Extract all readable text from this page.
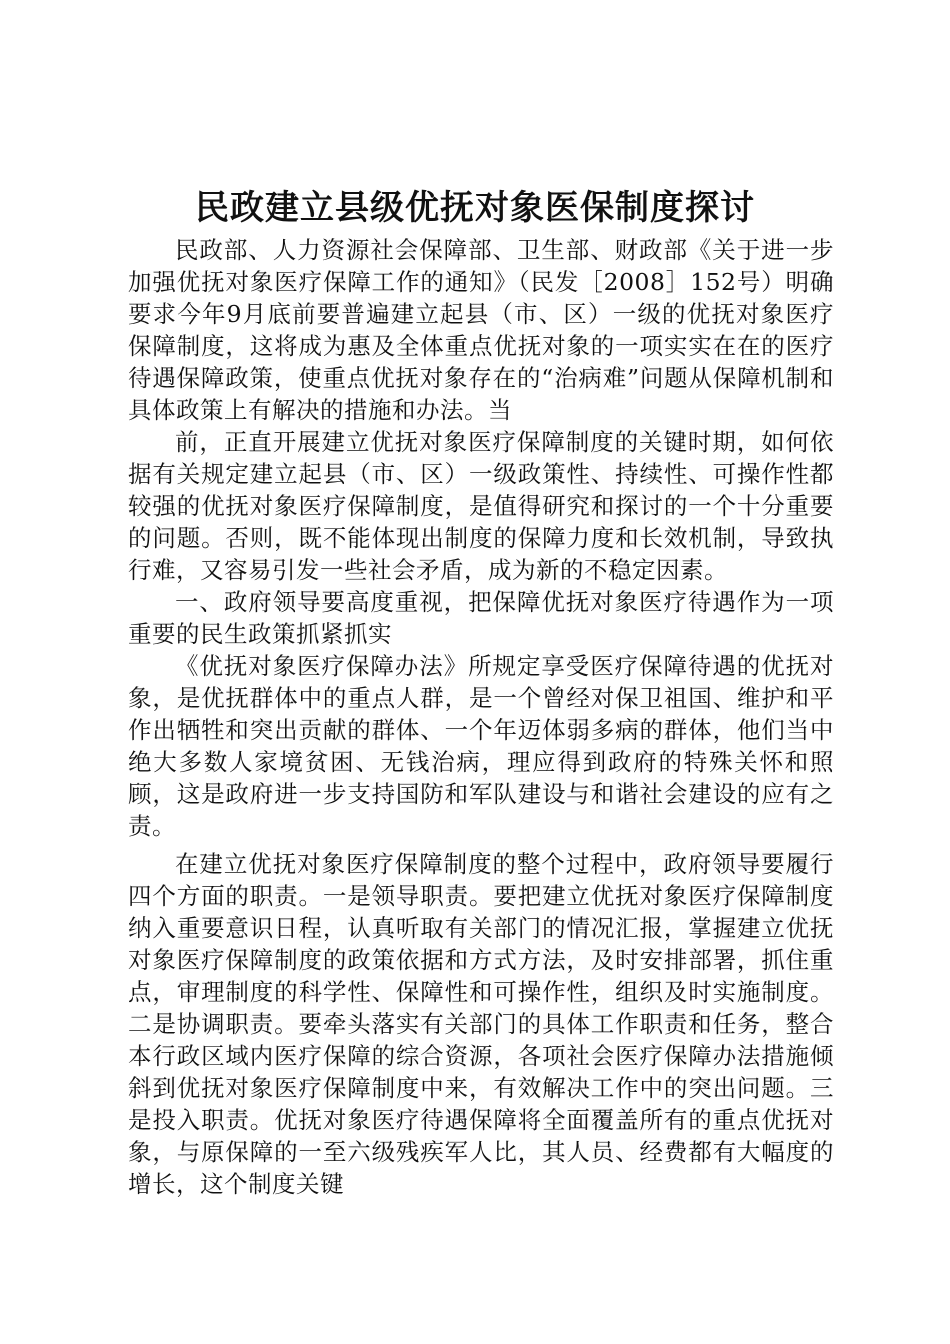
民政建立县级优抚对象医保制度探讨

民政部、人力资源社会保障部、卫生部、财政部《关于进一步加强优抚对象医疗保障工作的通知》（民发［2008］152号）明确要求今年9月底前要普遍建立起县（市、区）一级的优抚对象医疗保障制度，这将成为惠及全体重点优抚对象的一项实实在在的医疗待遇保障政策，使重点优抚对象存在的“治病难”问题从保障机制和具体政策上有解决的措施和办法。当

前，正直开展建立优抚对象医疗保障制度的关键时期，如何依据有关规定建立起县（市、区）一级政策性、持续性、可操作性都较强的优抚对象医疗保障制度，是值得研究和探讨的一个十分重要的问题。否则，既不能体现出制度的保障力度和长效机制，导致执行难，又容易引发一些社会矛盾，成为新的不稳定因素。

一、政府领导要高度重视，把保障优抚对象医疗待遇作为一项重要的民生政策抓紧抓实

《优抚对象医疗保障办法》所规定享受医疗保障待遇的优抚对象，是优抚群体中的重点人群，是一个曾经对保卫祖国、维护和平作出牺牲和突出贡献的群体、一个年迈体弱多病的群体，他们当中绝大多数人家境贫困、无钱治病，理应得到政府的特殊关怀和照顾，这是政府进一步支持国防和军队建设与和谐社会建设的应有之责。

在建立优抚对象医疗保障制度的整个过程中，政府领导要履行四个方面的职责。一是领导职责。要把建立优抚对象医疗保障制度纳入重要意识日程，认真听取有关部门的情况汇报，掌握建立优抚对象医疗保障制度的政策依据和方式方法，及时安排部署，抓住重点，审理制度的科学性、保障性和可操作性，组织及时实施制度。二是协调职责。要牵头落实有关部门的具体工作职责和任务，整合本行政区域内医疗保障的综合资源，各项社会医疗保障办法措施倾斜到优抚对象医疗保障制度中来，有效解决工作中的突出问题。三是投入职责。优抚对象医疗待遇保障将全面覆盖所有的重点优抚对象，与原保障的一至六级残疾军人比，其人员、经费都有大幅度的增长，这个制度关键
